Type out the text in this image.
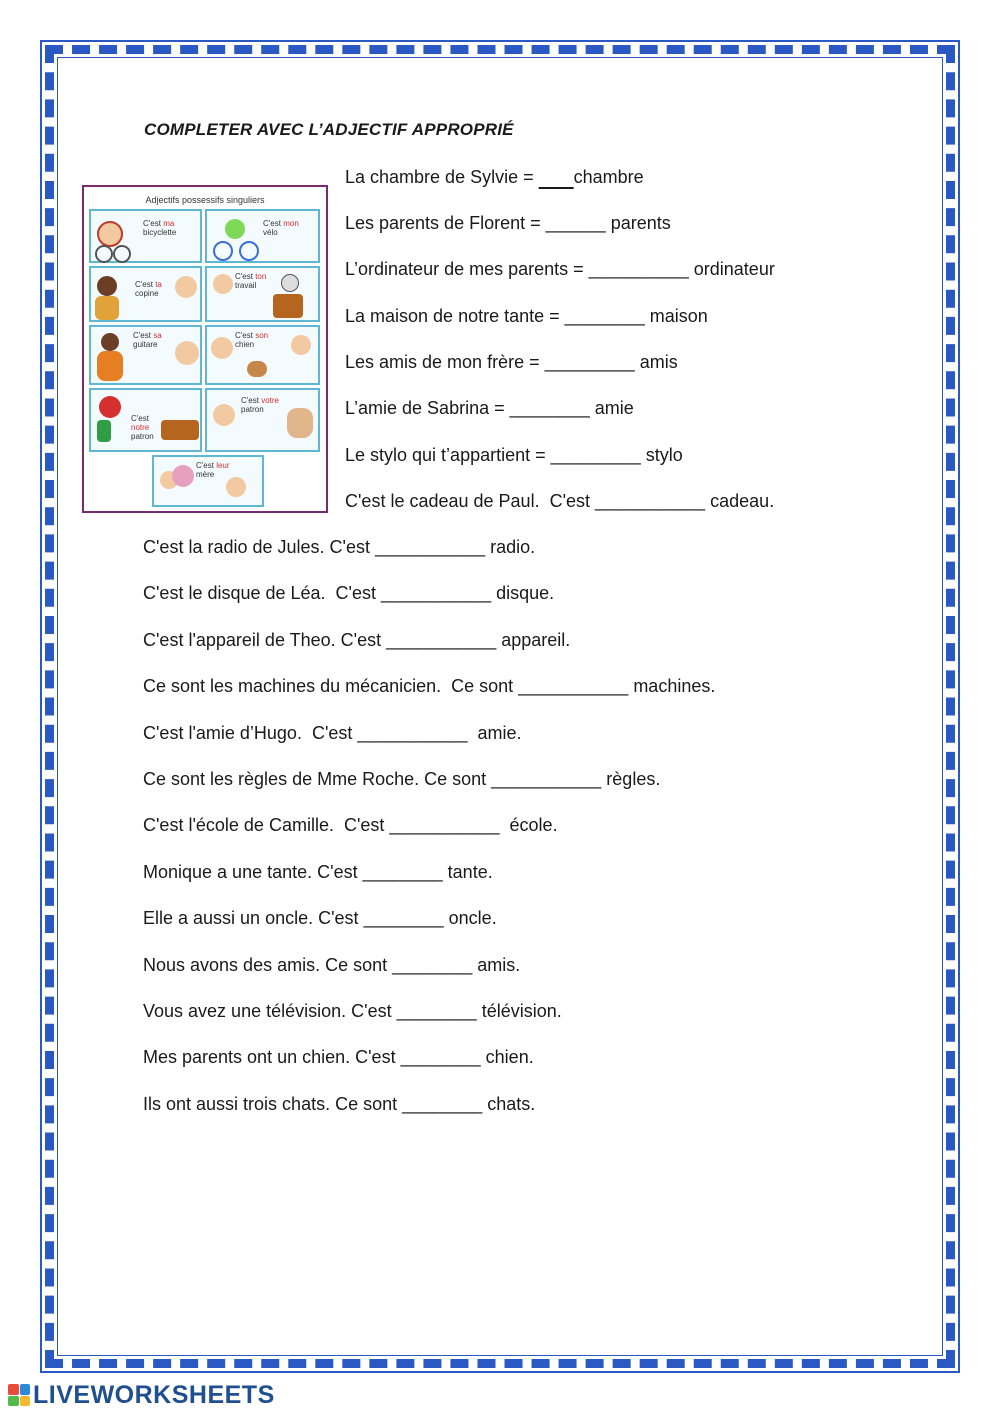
COMPLETER AVEC L’ADJECTIF APPROPRIÉ
Adjectifs possessifs singuliers
C'est ma
bicyclette
C'est mon
vélo
C'est ta
copine
C'est ton
travail
C'est sa
guitare
C'est son
chien
C'est
notre
patron
C'est votre
patron
C'est leur
mère
La chambre de Sylvie =        chambre
Les parents de Florent = ______ parents
L’ordinateur de mes parents = __________ ordinateur
La maison de notre tante = ________ maison
Les amis de mon frère = _________ amis
L’amie de Sabrina = ________ amie
Le stylo qui t’appartient = _________ stylo
C'est le cadeau de Paul.  C'est ___________ cadeau.
C'est la radio de Jules. C'est ___________ radio.
C'est le disque de Léa.  C'est ___________ disque.
C'est l'appareil de Theo. C'est ___________ appareil.
Ce sont les machines du mécanicien.  Ce sont ___________ machines.
C'est l'amie d’Hugo.  C'est ___________  amie.
Ce sont les règles de Mme Roche. Ce sont ___________ règles.
C'est l'école de Camille.  C'est ___________  école.
Monique a une tante. C'est ________ tante.
Elle a aussi un oncle. C'est ________ oncle.
Nous avons des amis. Ce sont ________ amis.
Vous avez une télévision. C'est ________ télévision.
Mes parents ont un chien. C'est ________ chien.
Ils ont aussi trois chats. Ce sont ________ chats.
LIVEWORKSHEETS
